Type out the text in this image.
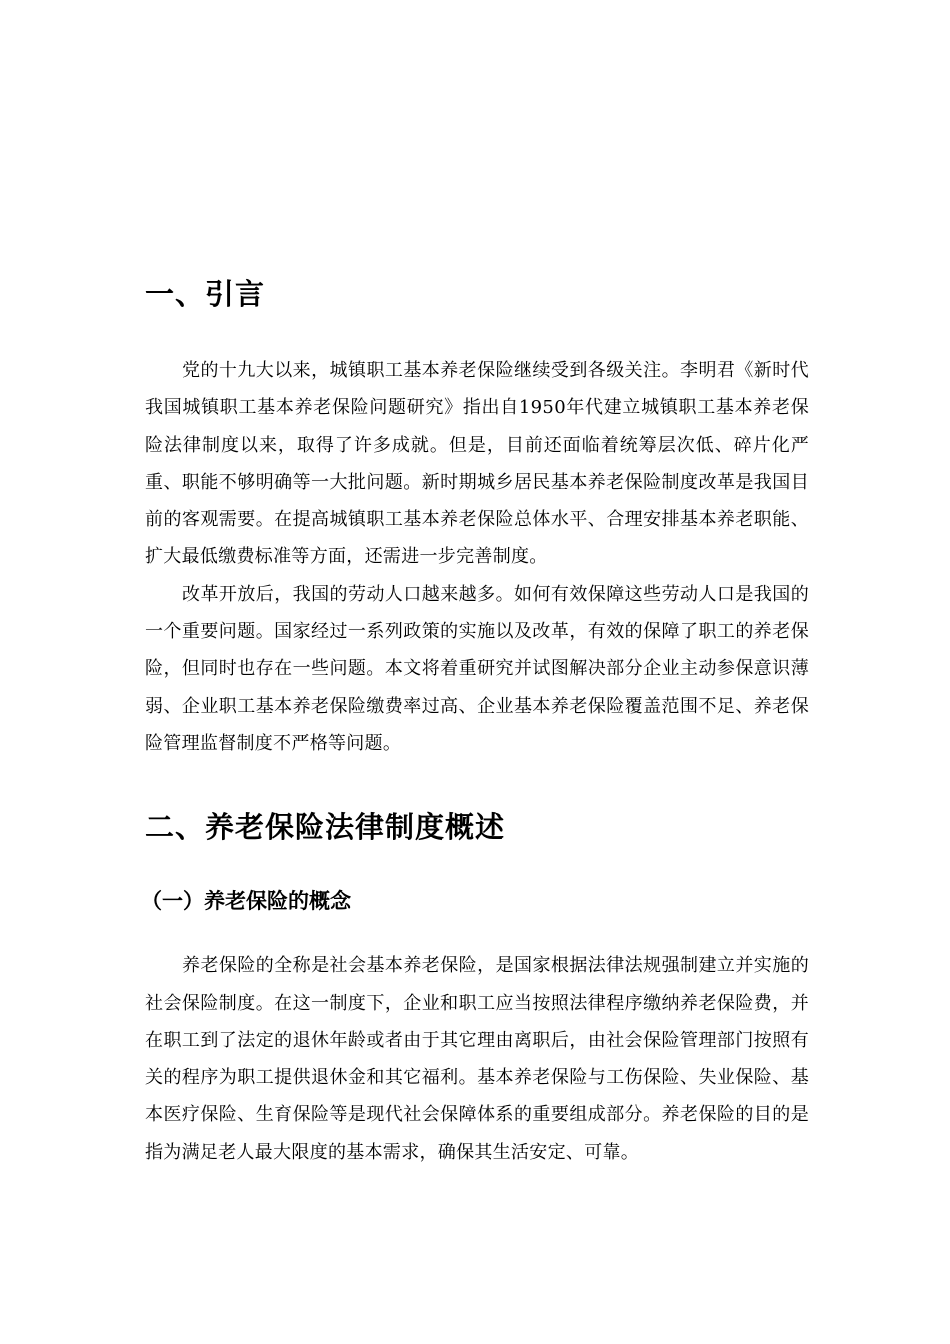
一、引言

党的十九大以来，城镇职工基本养老保险继续受到各级关注。李明君《新时代我国城镇职工基本养老保险问题研究》指出自1950年代建立城镇职工基本养老保险法律制度以来，取得了许多成就。但是，目前还面临着统筹层次低、碎片化严重、职能不够明确等一大批问题。新时期城乡居民基本养老保险制度改革是我国目前的客观需要。在提高城镇职工基本养老保险总体水平、合理安排基本养老职能、扩大最低缴费标准等方面，还需进一步完善制度。

改革开放后，我国的劳动人口越来越多。如何有效保障这些劳动人口是我国的一个重要问题。国家经过一系列政策的实施以及改革，有效的保障了职工的养老保险，但同时也存在一些问题。本文将着重研究并试图解决部分企业主动参保意识薄弱、企业职工基本养老保险缴费率过高、企业基本养老保险覆盖范围不足、养老保险管理监督制度不严格等问题。

二、养老保险法律制度概述
（一）养老保险的概念

养老保险的全称是社会基本养老保险，是国家根据法律法规强制建立并实施的社会保险制度。在这一制度下，企业和职工应当按照法律程序缴纳养老保险费，并在职工到了法定的退休年龄或者由于其它理由离职后，由社会保险管理部门按照有关的程序为职工提供退休金和其它福利。基本养老保险与工伤保险、失业保险、基本医疗保险、生育保险等是现代社会保障体系的重要组成部分。养老保险的目的是指为满足老人最大限度的基本需求，确保其生活安定、可靠。
